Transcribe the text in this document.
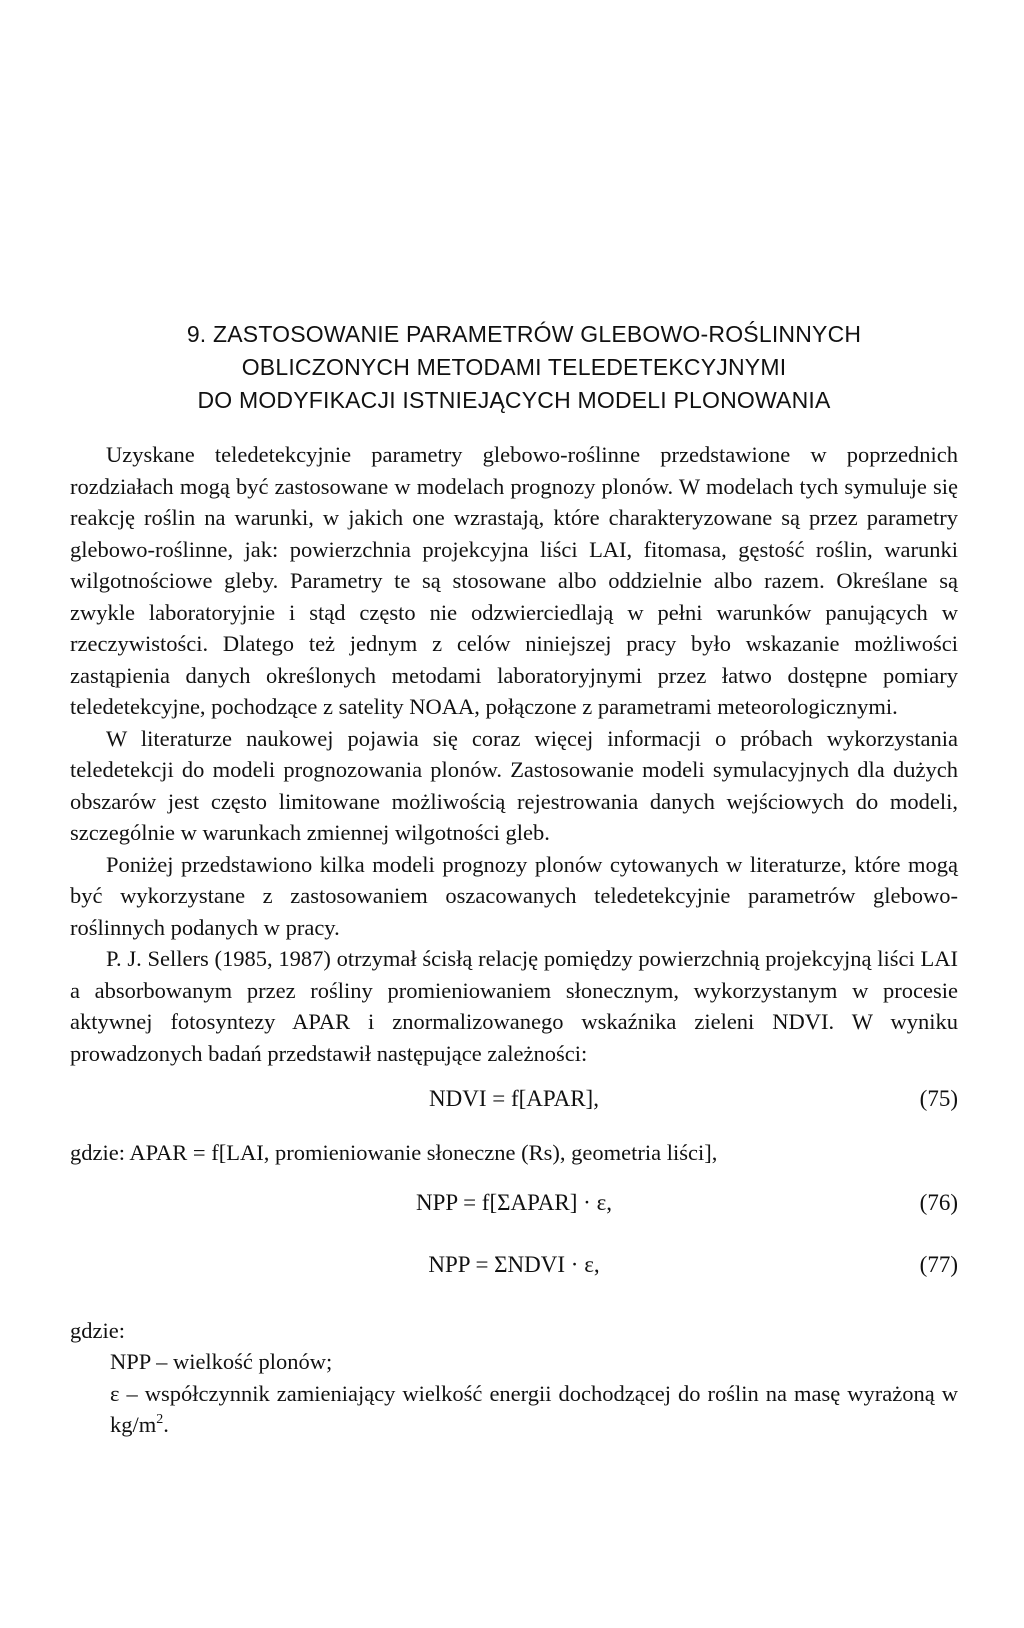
9. ZASTOSOWANIE PARAMETRÓW GLEBOWO-ROŚLINNYCH
OBLICZONYCH METODAMI TELEDETEKCYJNYMI
DO MODYFIKACJI ISTNIEJĄCYCH MODELI PLONOWANIA

Uzyskane teledetekcyjnie parametry glebowo-roślinne przedstawione w poprzednich rozdziałach mogą być zastosowane w modelach prognozy plonów. W modelach tych symuluje się reakcję roślin na warunki, w jakich one wzrastają, które charakteryzowane są przez parametry glebowo-roślinne, jak: powierzchnia projekcyjna liści LAI, fitomasa, gęstość roślin, warunki wilgotnościowe gleby. Parametry te są stosowane albo oddzielnie albo razem. Określane są zwykle laboratoryjnie i stąd często nie odzwierciedlają w pełni warunków panujących w rzeczywistości. Dlatego też jednym z celów niniejszej pracy było wskazanie możliwości zastąpienia danych określonych metodami laboratoryjnymi przez łatwo dostępne pomiary teledetekcyjne, pochodzące z satelity NOAA, połączone z parametrami meteorologicznymi.

W literaturze naukowej pojawia się coraz więcej informacji o próbach wykorzystania teledetekcji do modeli prognozowania plonów. Zastosowanie modeli symulacyjnych dla dużych obszarów jest często limitowane możliwością rejestrowania danych wejściowych do modeli, szczególnie w warunkach zmiennej wilgotności gleb.

Poniżej przedstawiono kilka modeli prognozy plonów cytowanych w literaturze, które mogą być wykorzystane z zastosowaniem oszacowanych teledetekcyjnie parametrów glebowo-roślinnych podanych w pracy.

P. J. Sellers (1985, 1987) otrzymał ścisłą relację pomiędzy powierzchnią projekcyjną liści LAI a absorbowanym przez rośliny promieniowaniem słonecznym, wykorzystanym w procesie aktywnej fotosyntezy APAR i znormalizowanego wskaźnika zieleni NDVI. W wyniku prowadzonych badań przedstawił następujące zależności:

NDVI = f[APAR],	(75)
gdzie: APAR = f[LAI, promieniowanie słoneczne (Rs), geometria liści],
NPP = f[ΣAPAR] · ε,	(76)
NPP = ΣNDVI · ε,	(77)
gdzie:
NPP – wielkość plonów;
ε – współczynnik zamieniający wielkość energii dochodzącej do roślin na masę wyrażoną w $kg/m^2$.
